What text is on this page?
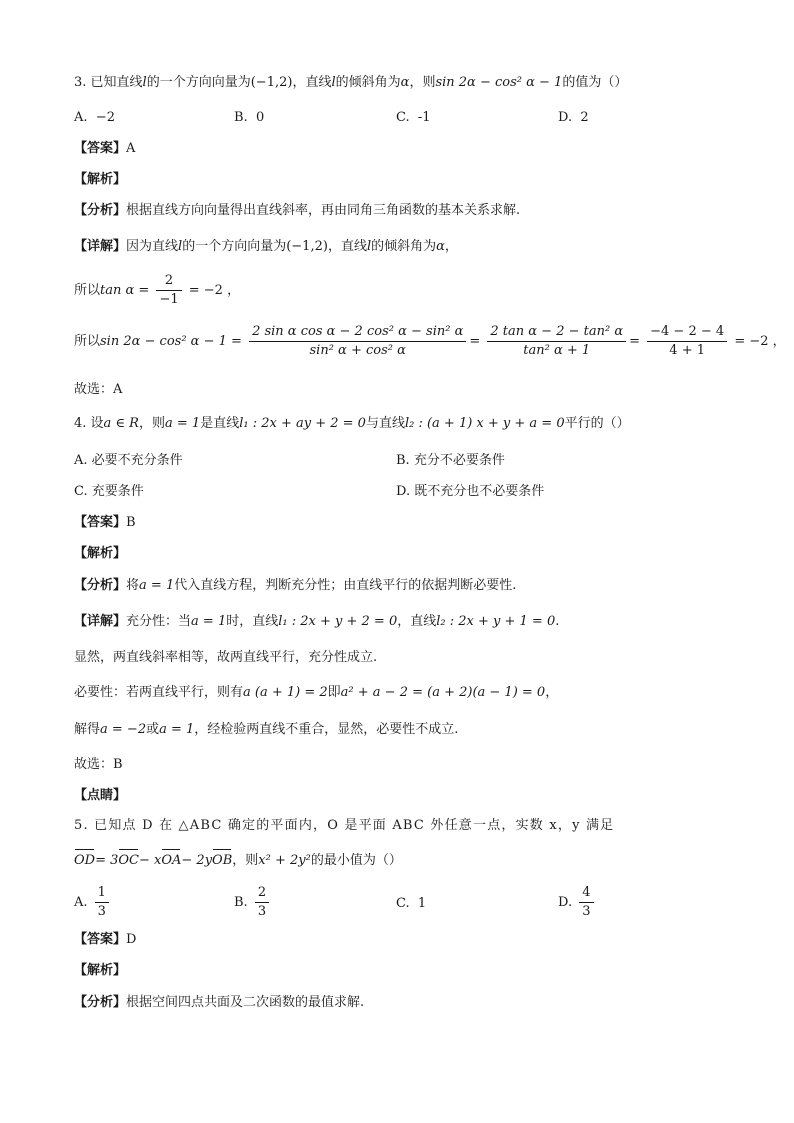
3. 已知直线l的一个方向向量为(−1,2)，直线l的倾斜角为α，则sin 2α − cos² α − 1的值为（）
A. −2	B. 0	C. -1	D. 2
【答案】A
【解析】
【分析】根据直线方向向量得出直线斜率，再由同角三角函数的基本关系求解.
【详解】因为直线l的一个方向向量为(−1,2)，直线l的倾斜角为α，
所以$\tan \alpha = \frac{2}{-1} = -2$ ，
所以sin 2α − cos² $\alpha - 1 = \frac{\text{2 sin α cos α − 2 cos² α − sin² α}}{\text{sin² α + cos² α}} = \frac{\text{2 tan α − 2 − tan² α}}{\text{tan² α + 1}} = \frac{-4 - 2 - 4}{4 + 1} = -2$ ，
故选：A
4. 设a ∈ R，则a = 1是直线l₁ : 2x + ay + 2 = 0与直线l₂ : (a + 1) x + y + a = 0平行的（）
A. 必要不充分条件	B. 充分不必要条件
C. 充要条件	D. 既不充分也不必要条件
【答案】B
【解析】
【分析】将a = 1代入直线方程，判断充分性；由直线平行的依据判断必要性.
【详解】充分性：当a = 1时，直线l₁ : 2x + y + 2 = 0，直线l₂ : 2x + y + 1 = 0.
显然，两直线斜率相等，故两直线平行，充分性成立.
必要性：若两直线平行，则有a (a + 1) = 2即a² + a − 2 = (a + 2)(a − 1) = 0，
解得a = −2或a = 1，经检验两直线不重合，显然，必要性不成立.
故选：B
【点睛】
5. 已知点 D 在 △ABC 确定的平面内，O 是平面 ABC 外任意一点，实数 x，y 满足
OD= 3OC− xOA− 2yOB，则x² + 2y²的最小值为（）
A. $\frac{1}{3}$	B. $\frac{2}{3}$	C. 1	D. $\frac{4}{3}$
【答案】D
【解析】
【分析】根据空间四点共面及二次函数的最值求解.
